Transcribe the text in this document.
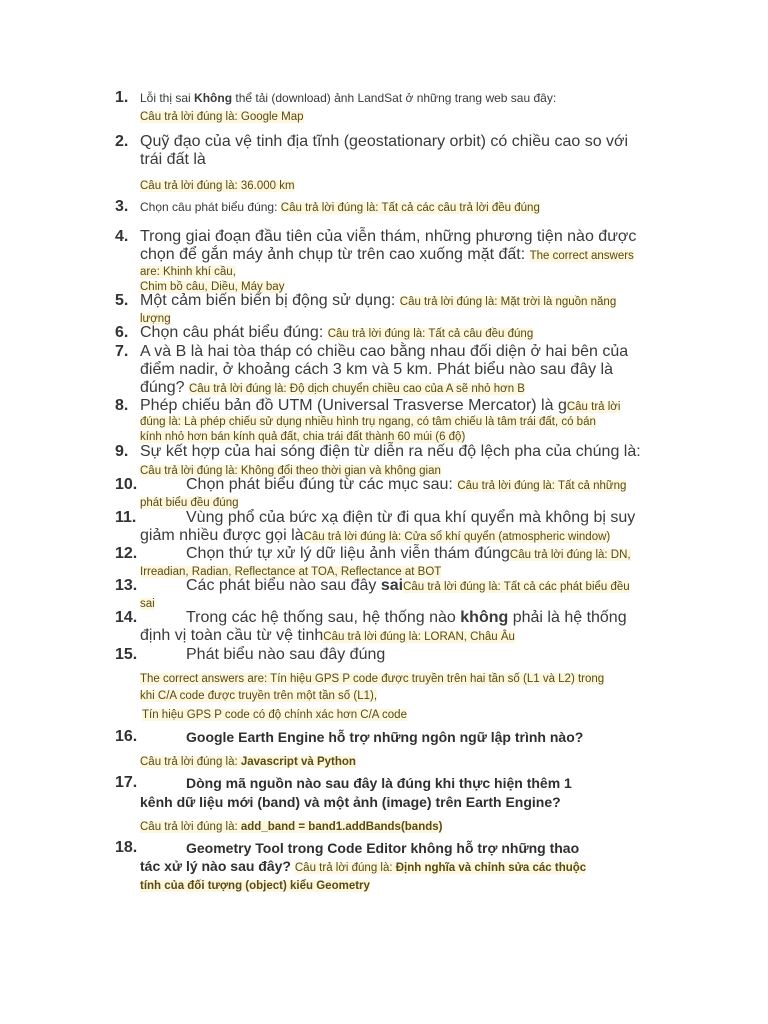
1. Lỗi thị sai Không thể tải (download) ảnh LandSat ở những trang web sau đây:
Câu trả lời đúng là: Google Map
2. Quỹ đạo của vệ tinh địa tĩnh (geostationary orbit) có chiều cao so với
trái đất là
Câu trả lời đúng là: 36.000 km
3. Chọn câu phát biểu đúng: Câu trả lời đúng là: Tất cả các câu trả lời đều đúng
4. Trong giai đoạn đầu tiên của viễn thám, những phương tiện nào được
chọn để gắn máy ảnh chụp từ trên cao xuống mặt đất: The correct answers
are: Khinh khí cầu,
Chim bồ câu, Diều, Máy bay
5. Một cảm biến biến bị động sử dụng: Câu trả lời đúng là: Mặt trời là nguồn năng
lượng
6. Chọn câu phát biểu đúng: Câu trả lời đúng là: Tất cả câu đều đúng
7. A và B là hai tòa tháp có chiều cao bằng nhau đối diện ở hai bên của
điểm nadir, ở khoảng cách 3 km và 5 km. Phát biểu nào sau đây là
đúng? Câu trả lời đúng là: Độ dịch chuyển chiều cao của A sẽ nhỏ hơn B
8. Phép chiếu bản đồ UTM (Universal Trasverse Mercator) là gCâu trả lời
đúng là: Là phép chiếu sử dụng nhiều hình trụ ngang, có tâm chiếu là tâm trái đất, có bán
kính nhỏ hơn bán kính quả đất, chia trái đất thành 60 múi (6 độ)
9. Sự kết hợp của hai sóng điện từ diễn ra nếu độ lệch pha của chúng là:
Câu trả lời đúng là: Không đổi theo thời gian và không gian
10.	Chọn phát biểu đúng từ các mục sau: Câu trả lời đúng là: Tất cả những
phát biểu đều đúng
11.	Vùng phổ của bức xạ điện từ đi qua khí quyển mà không bị suy
giảm nhiều được gọi làCâu trả lời đúng là: Cửa sổ khí quyển (atmospheric window)
12.	Chọn thứ tự xử lý dữ liệu ảnh viễn thám đúngCâu trả lời đúng là: DN,
Irreadian, Radian, Reflectance at TOA, Reflectance at BOT
13.	Các phát biểu nào sau đây saiCâu trả lời đúng là: Tất cả các phát biểu đều
sai
14.	Trong các hệ thống sau, hệ thống nào không phải là hệ thống
định vị toàn cầu từ vệ tinhCâu trả lời đúng là: LORAN, Châu Âu
15.	Phát biểu nào sau đây đúng
The correct answers are: Tín hiệu GPS P code được truyền trên hai tần số (L1 và L2) trong
khi C/A code được truyền trên một tần số (L1),
Tín hiệu GPS P code có độ chính xác hơn C/A code
16.	Google Earth Engine hỗ trợ những ngôn ngữ lập trình nào?
Câu trả lời đúng là: Javascript và Python
17.	Dòng mã nguồn nào sau đây là đúng khi thực hiện thêm 1
kênh dữ liệu mới (band) và một ảnh (image) trên Earth Engine?
Câu trả lời đúng là: add_band = band1.addBands(bands)
18.	Geometry Tool trong Code Editor không hỗ trợ những thao
tác xử lý nào sau đây? Câu trả lời đúng là: Định nghĩa và chỉnh sửa các thuộc
tính của đối tượng (object) kiểu Geometry
